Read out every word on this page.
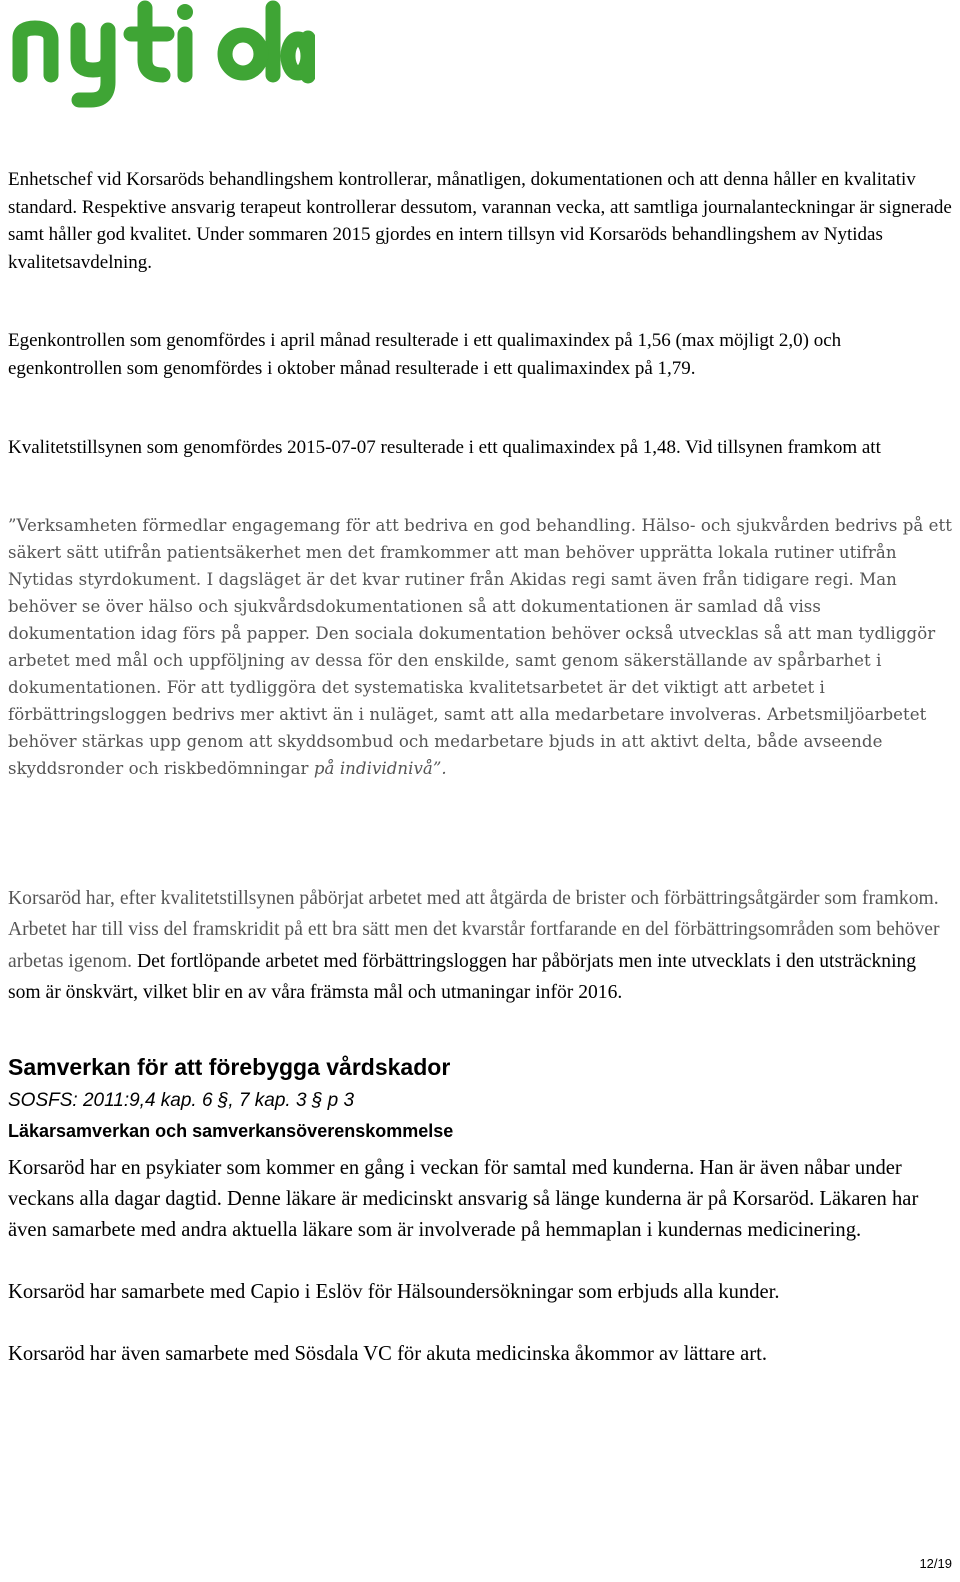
Enhetschef vid Korsaröds behandlingshem kontrollerar, månatligen, dokumentationen och att denna håller en kvalitativ standard. Respektive ansvarig terapeut kontrollerar dessutom, varannan vecka, att samtliga journalanteckningar är signerade samt håller god kvalitet. Under sommaren 2015 gjordes en intern tillsyn vid Korsaröds behandlingshem av Nytidas kvalitetsavdelning.

Egenkontrollen som genomfördes i april månad resulterade i ett qualimaxindex på 1,56 (max möjligt 2,0) och egenkontrollen som genomfördes i oktober månad resulterade i ett qualimaxindex på 1,79.

Kvalitetstillsynen som genomfördes 2015-07-07 resulterade i ett qualimaxindex på 1,48. Vid tillsynen framkom att

”Verksamheten förmedlar engagemang för att bedriva en god behandling. Hälso- och sjukvården bedrivs på ett säkert sätt utifrån patientsäkerhet men det framkommer att man behöver upprätta lokala rutiner utifrån Nytidas styrdokument. I dagsläget är det kvar rutiner från Akidas regi samt även från tidigare regi. Man behöver se över hälso och sjukvårdsdokumentationen så att dokumentationen är samlad då viss dokumentation idag förs på papper. Den sociala dokumentation behöver också utvecklas så att man tydliggör arbetet med mål och uppföljning av dessa för den enskilde, samt genom säkerställande av spårbarhet i dokumentationen. För att tydliggöra det systematiska kvalitetsarbetet är det viktigt att arbetet i förbättringsloggen bedrivs mer aktivt än i nuläget, samt att alla medarbetare involveras. Arbetsmiljöarbetet behöver stärkas upp genom att skyddsombud och medarbetare bjuds in att aktivt delta, både avseende skyddsronder och riskbedömningar på individnivå”.

Korsaröd har, efter kvalitetstillsynen påbörjat arbetet med att åtgärda de brister och förbättringsåtgärder som framkom. Arbetet har till viss del framskridit på ett bra sätt men det kvarstår fortfarande en del förbättringsområden som behöver arbetas igenom. Det fortlöpande arbetet med förbättringsloggen har påbörjats men inte utvecklats i den utsträckning som är önskvärt, vilket blir en av våra främsta mål och utmaningar inför 2016.

Samverkan för att förebygga vårdskador

SOSFS: 2011:9,4 kap. 6 §, 7 kap. 3 § p 3

Läkarsamverkan och samverkansöverenskommelse

Korsaröd har en psykiater som kommer en gång i veckan för samtal med kunderna. Han är även nåbar under veckans alla dagar dagtid. Denne läkare är medicinskt ansvarig så länge kunderna är på Korsaröd. Läkaren har även samarbete med andra aktuella läkare som är involverade på hemmaplan i kundernas medicinering.

Korsaröd har samarbete med Capio i Eslöv för Hälsoundersökningar som erbjuds alla kunder.

Korsaröd har även samarbete med Sösdala VC för akuta medicinska åkommor av lättare art.

12/19
